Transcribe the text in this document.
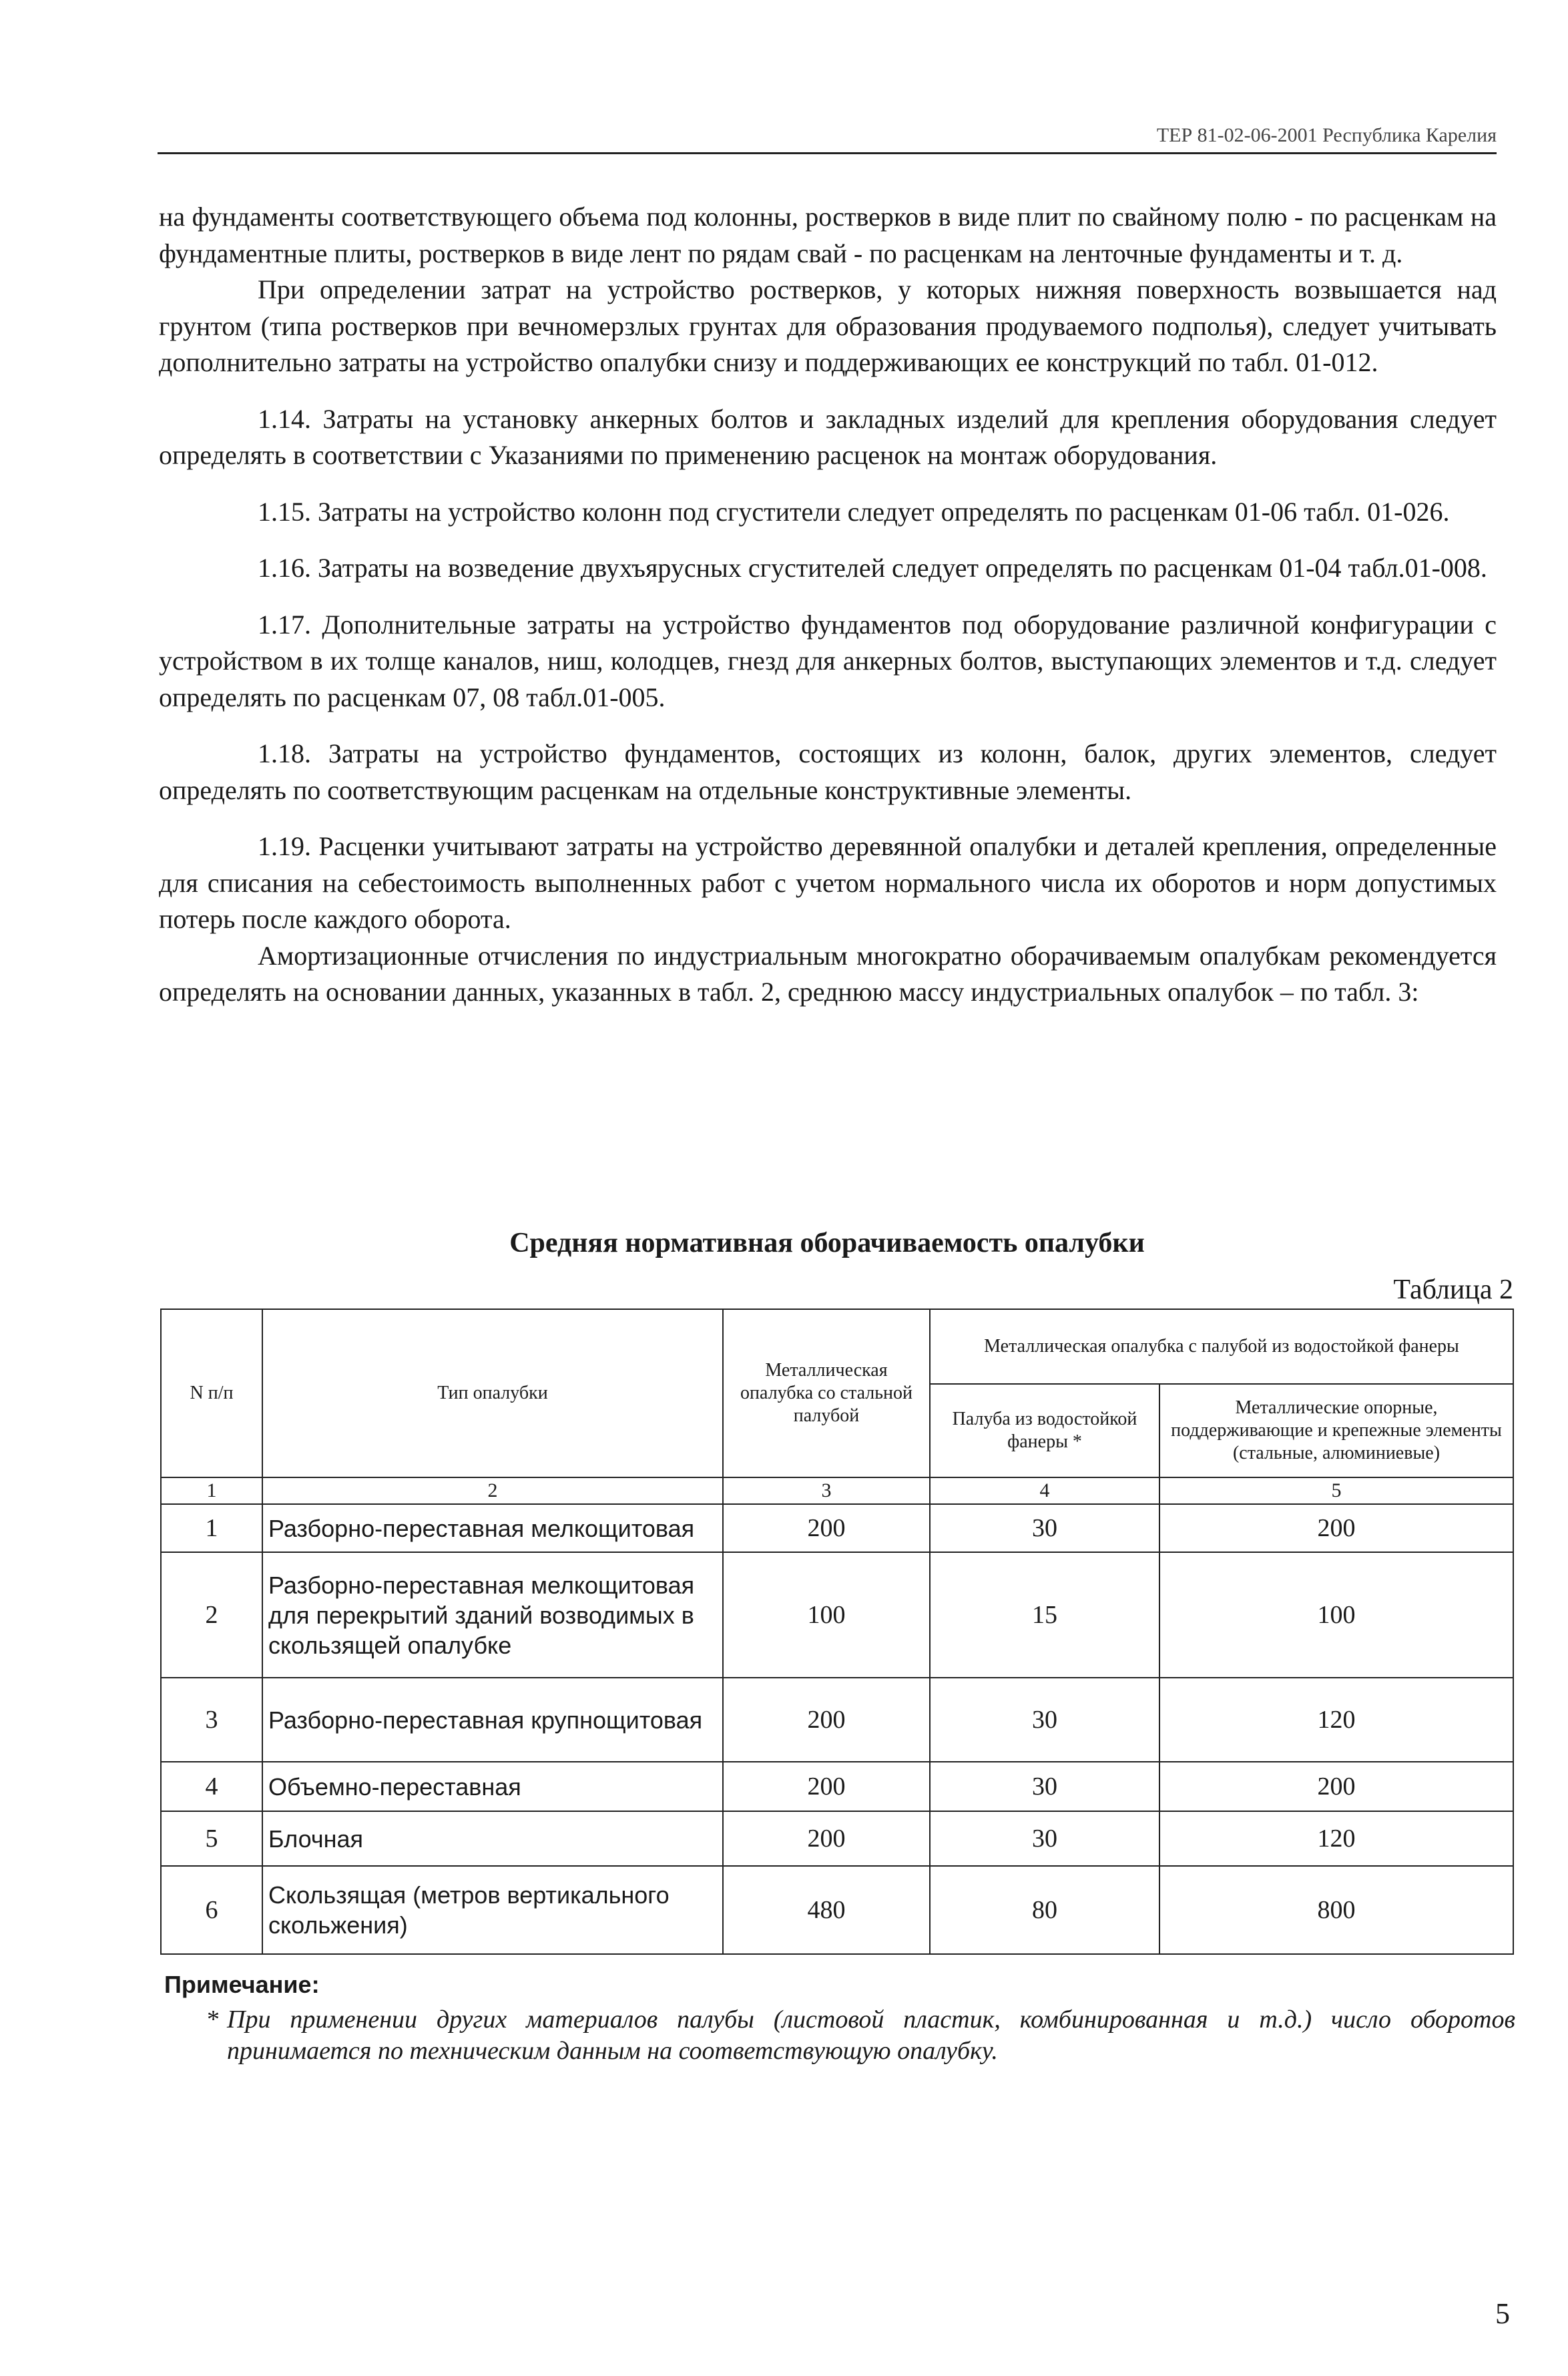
ТЕР 81-02-06-2001 Республика Карелия

на фундаменты соответствующего объема под колонны, ростверков в виде плит по свайному полю - по расценкам на фундаментные плиты, ростверков в виде лент по рядам свай - по расценкам на ленточные фундаменты и т. д.

При определении затрат на устройство ростверков, у которых нижняя поверхность возвышается над грунтом (типа ростверков при вечномерзлых грунтах для образования продуваемого подполья), следует учитывать дополнительно затраты на устройство опалубки снизу и поддерживающих ее конструкций по табл. 01-012.

1.14. Затраты на установку анкерных болтов и закладных изделий для крепления оборудования следует определять в соответствии с Указаниями по применению расценок на монтаж оборудования.

1.15. Затраты на устройство колонн под сгустители следует определять по расценкам 01-06 табл. 01-026.

1.16. Затраты на возведение двухъярусных сгустителей следует определять по расценкам 01-04 табл.01-008.

1.17. Дополнительные затраты на устройство фундаментов под оборудование различной конфигурации с устройством в их толще каналов, ниш, колодцев, гнезд для анкерных болтов, выступающих элементов и т.д. следует определять по расценкам 07, 08 табл.01-005.

1.18. Затраты на устройство фундаментов, состоящих из колонн, балок, других элементов, следует определять по соответствующим расценкам на отдельные конструктивные элементы.

1.19. Расценки учитывают затраты на устройство деревянной опалубки и деталей крепления, определенные для списания на себестоимость выполненных работ с учетом нормального числа их оборотов и норм допустимых потерь после каждого оборота.

Амортизационные отчисления по индустриальным многократно оборачиваемым опалубкам рекомендуется определять на основании данных, указанных в табл. 2, среднюю массу индустриальных опалубок – по табл. 3:

Средняя нормативная оборачиваемость опалубки
Таблица 2
N п/п	Тип опалубки	Металлическая опалубка со стальной палубой	Металлическая опалубка с палубой из водостойкой фанеры	
			Палуба из водостойкой фанеры *	Металлические опорные, поддерживающие и крепежные элементы (стальные, алюминиевые)
1	2	3	4	5
1	Разборно-переставная мелкощитовая	200	30	200
2	Разборно-переставная мелкощитовая для перекрытий зданий возводимых в скользящей опалубке	100	15	100
3	Разборно-переставная крупнощитовая	200	30	120
4	Объемно-переставная	200	30	200
5	Блочная	200	30	120
6	Скользящая (метров вертикального скольжения)	480	80	800
Примечание:
* При применении других материалов палубы (листовой пластик, комбинированная и т.д.) число оборотов принимается по техническим данным на соответствующую опалубку.
5
